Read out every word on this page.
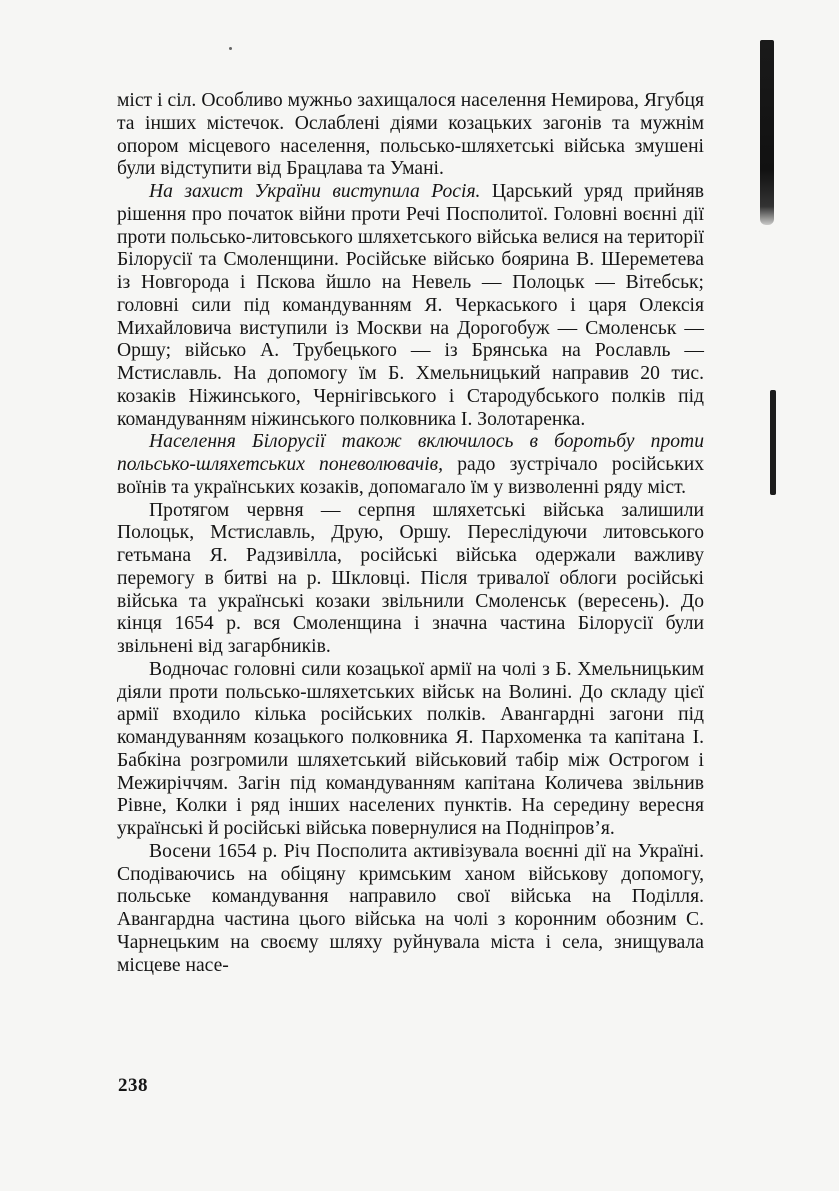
міст і сіл. Особливо мужньо захищалося населення Немирова, Ягубця та інших містечок. Ослаблені діями козацьких загонів та мужнім опором місцевого населення, польсько-шляхетські війська змушені були відступити від Брацлава та Умані.

На захист України виступила Росія. Царський уряд прийняв рішення про початок війни проти Речі Посполитої. Головні воєнні дії проти польсько-литовського шляхетського війська велися на території Білорусії та Смоленщини. Російське військо боярина В. Шереметева із Новгорода і Пскова йшло на Невель — Полоцьк — Вітебськ; головні сили під командуванням Я. Черкаського і царя Олексія Михайловича виступили із Москви на Дорогобуж — Смоленськ — Оршу; військо А. Трубецького — із Брянська на Рославль — Мстиславль. На допомогу їм Б. Хмельницький направив 20 тис. козаків Ніжинського, Чернігівського і Стародубського полків під командуванням ніжинського полковника І. Золотаренка.

Населення Білорусії також включилось в боротьбу проти польсько-шляхетських поневолювачів, радо зустрічало російських воїнів та українських козаків, допомагало їм у визволенні ряду міст.

Протягом червня — серпня шляхетські війська залишили Полоцьк, Мстиславль, Друю, Оршу. Переслідуючи литовського гетьмана Я. Радзивілла, російські війська одержали важливу перемогу в битві на р. Шкловці. Після тривалої облоги російські війська та українські козаки звільнили Смоленськ (вересень). До кінця 1654 р. вся Смоленщина і значна частина Білорусії були звільнені від загарбників.

Водночас головні сили козацької армії на чолі з Б. Хмельницьким діяли проти польсько-шляхетських військ на Волині. До складу цієї армії входило кілька російських полків. Авангардні загони під командуванням козацького полковника Я. Пархоменка та капітана І. Бабкіна розгромили шляхетський військовий табір між Острогом і Межиріччям. Загін під командуванням капітана Количева звільнив Рівне, Колки і ряд інших населених пунктів. На середину вересня українські й російські війська повернулися на Подніпров’я.

Восени 1654 р. Річ Посполита активізувала воєнні дії на Україні. Сподіваючись на обіцяну кримським ханом військову допомогу, польське командування направило свої війська на Поділля. Авангардна частина цього війська на чолі з коронним обозним С. Чарнецьким на своєму шляху руйнувала міста і села, знищувала місцеве насе-

238
